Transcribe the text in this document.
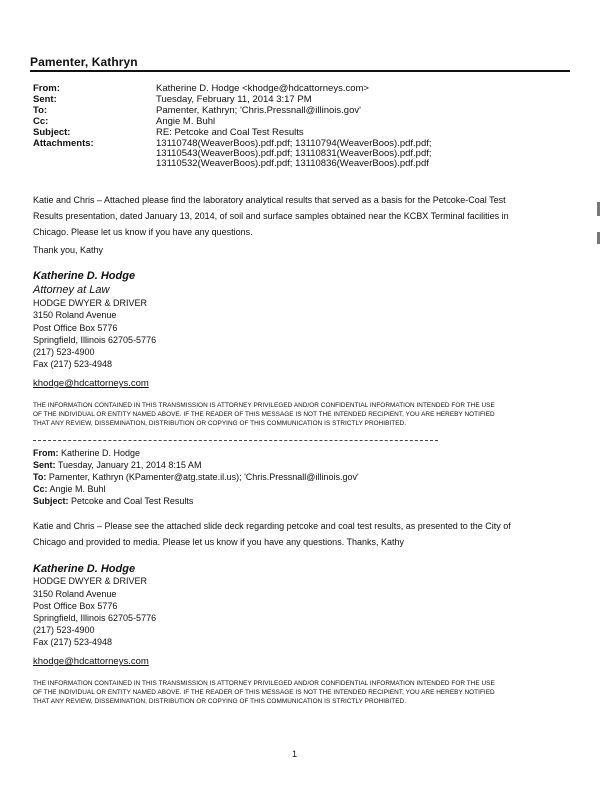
Pamenter, Kathryn
From:	Katherine D. Hodge <khodge@hdcattorneys.com>
Sent:	Tuesday, February 11, 2014 3:17 PM
To:	Pamenter, Kathryn; 'Chris.Pressnall@illinois.gov'
Cc:	Angie M. Buhl
Subject:	RE: Petcoke and Coal Test Results
Attachments:	13110748(WeaverBoos).pdf.pdf; 13110794(WeaverBoos).pdf.pdf;
13110543(WeaverBoos).pdf.pdf; 13110831(WeaverBoos).pdf.pdf;
13110532(WeaverBoos).pdf.pdf; 13110836(WeaverBoos).pdf.pdf
Katie and Chris – Attached please find the laboratory analytical results that served as a basis for the Petcoke-Coal Test
Results presentation, dated January 13, 2014, of soil and surface samples obtained near the KCBX Terminal facilities in
Chicago. Please let us know if you have any questions.
Thank you, Kathy
Katherine D. Hodge
Attorney at Law
HODGE DWYER & DRIVER
3150 Roland Avenue
Post Office Box 5776
Springfield, Illinois 62705-5776
(217) 523-4900
Fax (217) 523-4948
khodge@hdcattorneys.com
THE INFORMATION CONTAINED IN THIS TRANSMISSION IS ATTORNEY PRIVILEGED AND/OR CONFIDENTIAL INFORMATION INTENDED FOR THE USE
OF THE INDIVIDUAL OR ENTITY NAMED ABOVE. IF THE READER OF THIS MESSAGE IS NOT THE INTENDED RECIPIENT, YOU ARE HEREBY NOTIFIED
THAT ANY REVIEW, DISSEMINATION, DISTRIBUTION OR COPYING OF THIS COMMUNICATION IS STRICTLY PROHIBITED.
From: Katherine D. Hodge
Sent: Tuesday, January 21, 2014 8:15 AM
To: Pamenter, Kathryn (KPamenter@atg.state.il.us); 'Chris.Pressnall@illinois.gov'
Cc: Angie M. Buhl
Subject: Petcoke and Coal Test Results
Katie and Chris – Please see the attached slide deck regarding petcoke and coal test results, as presented to the City of
Chicago and provided to media. Please let us know if you have any questions. Thanks, Kathy
Katherine D. Hodge
HODGE DWYER & DRIVER
3150 Roland Avenue
Post Office Box 5776
Springfield, Illinois 62705-5776
(217) 523-4900
Fax (217) 523-4948
khodge@hdcattorneys.com
THE INFORMATION CONTAINED IN THIS TRANSMISSION IS ATTORNEY PRIVILEGED AND/OR CONFIDENTIAL INFORMATION INTENDED FOR THE USE
OF THE INDIVIDUAL OR ENTITY NAMED ABOVE. IF THE READER OF THIS MESSAGE IS NOT THE INTENDED RECIPIENT, YOU ARE HEREBY NOTIFIED
THAT ANY REVIEW, DISSEMINATION, DISTRIBUTION OR COPYING OF THIS COMMUNICATION IS STRICTLY PROHIBITED.
1
